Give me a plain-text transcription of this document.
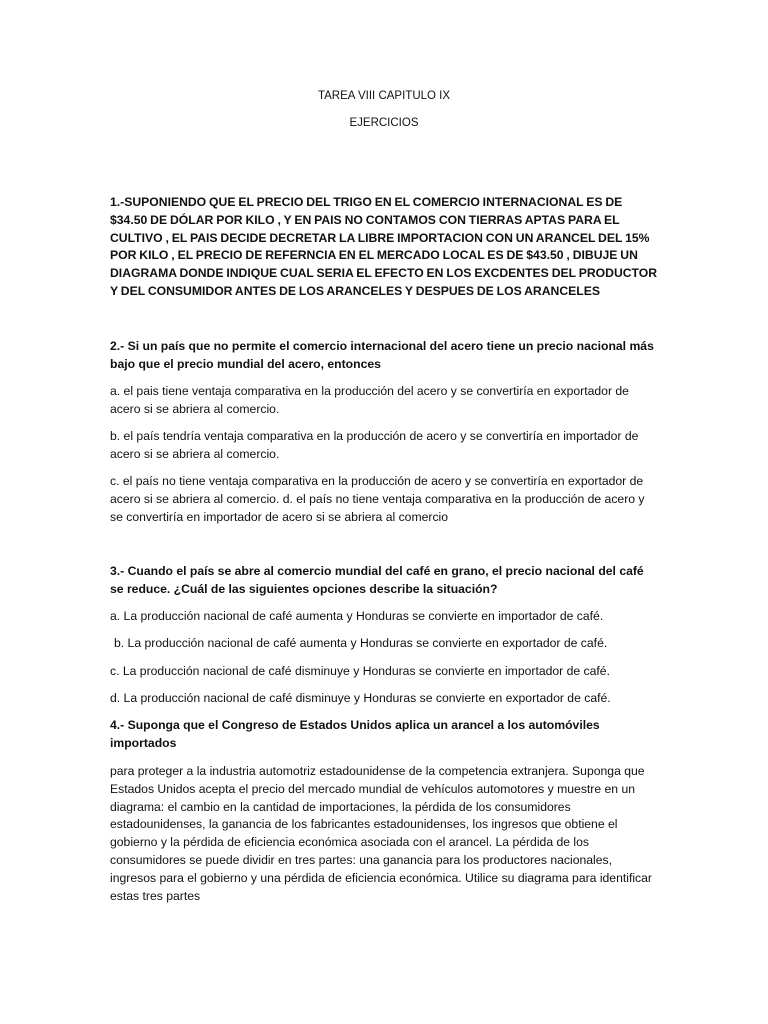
TAREA VIII CAPITULO IX
EJERCICIOS

1.-SUPONIENDO QUE EL PRECIO DEL TRIGO EN EL COMERCIO INTERNACIONAL ES DE $34.50 DE DÓLAR POR KILO , Y EN PAIS NO CONTAMOS CON TIERRAS APTAS PARA EL CULTIVO , EL PAIS DECIDE DECRETAR LA LIBRE IMPORTACION CON UN ARANCEL DEL 15% POR KILO , EL PRECIO DE REFERNCIA EN EL MERCADO LOCAL ES DE $43.50 , DIBUJE UN DIAGRAMA DONDE INDIQUE CUAL SERIA EL EFECTO EN LOS EXCDENTES DEL PRODUCTOR Y DEL CONSUMIDOR ANTES DE LOS ARANCELES Y DESPUES DE LOS ARANCELES

2.- Si un país que no permite el comercio internacional del acero tiene un precio nacional más bajo que el precio mundial del acero, entonces

a. el pais tiene ventaja comparativa en la producción del acero y se convertiría en exportador de acero si se abriera al comercio.

b. el país tendría ventaja comparativa en la producción de acero y se convertiría en importador de acero si se abriera al comercio.

c. el país no tiene ventaja comparativa en la producción de acero y se convertiría en exportador de acero si se abriera al comercio. d. el país no tiene ventaja comparativa en la producción de acero y se convertiría en importador de acero si se abriera al comercio

3.- Cuando el país se abre al comercio mundial del café en grano, el precio nacional del café se reduce. ¿Cuál de las siguientes opciones describe la situación?

a. La producción nacional de café aumenta y Honduras se convierte en importador de café.

b. La producción nacional de café aumenta y Honduras se convierte en exportador de café.

c. La producción nacional de café disminuye y Honduras se convierte en importador de café.

d. La producción nacional de café disminuye y Honduras se convierte en exportador de café.

4.- Suponga que el Congreso de Estados Unidos aplica un arancel a los automóviles importados

para proteger a la industria automotriz estadounidense de la competencia extranjera. Suponga que Estados Unidos acepta el precio del mercado mundial de vehículos automotores y muestre en un diagrama: el cambio en la cantidad de importaciones, la pérdida de los consumidores estadounidenses, la ganancia de los fabricantes estadounidenses, los ingresos que obtiene el gobierno y la pérdida de eficiencia económica asociada con el arancel. La pérdida de los consumidores se puede dividir en tres partes: una ganancia para los productores nacionales, ingresos para el gobierno y una pérdida de eficiencia económica. Utilice su diagrama para identificar estas tres partes
